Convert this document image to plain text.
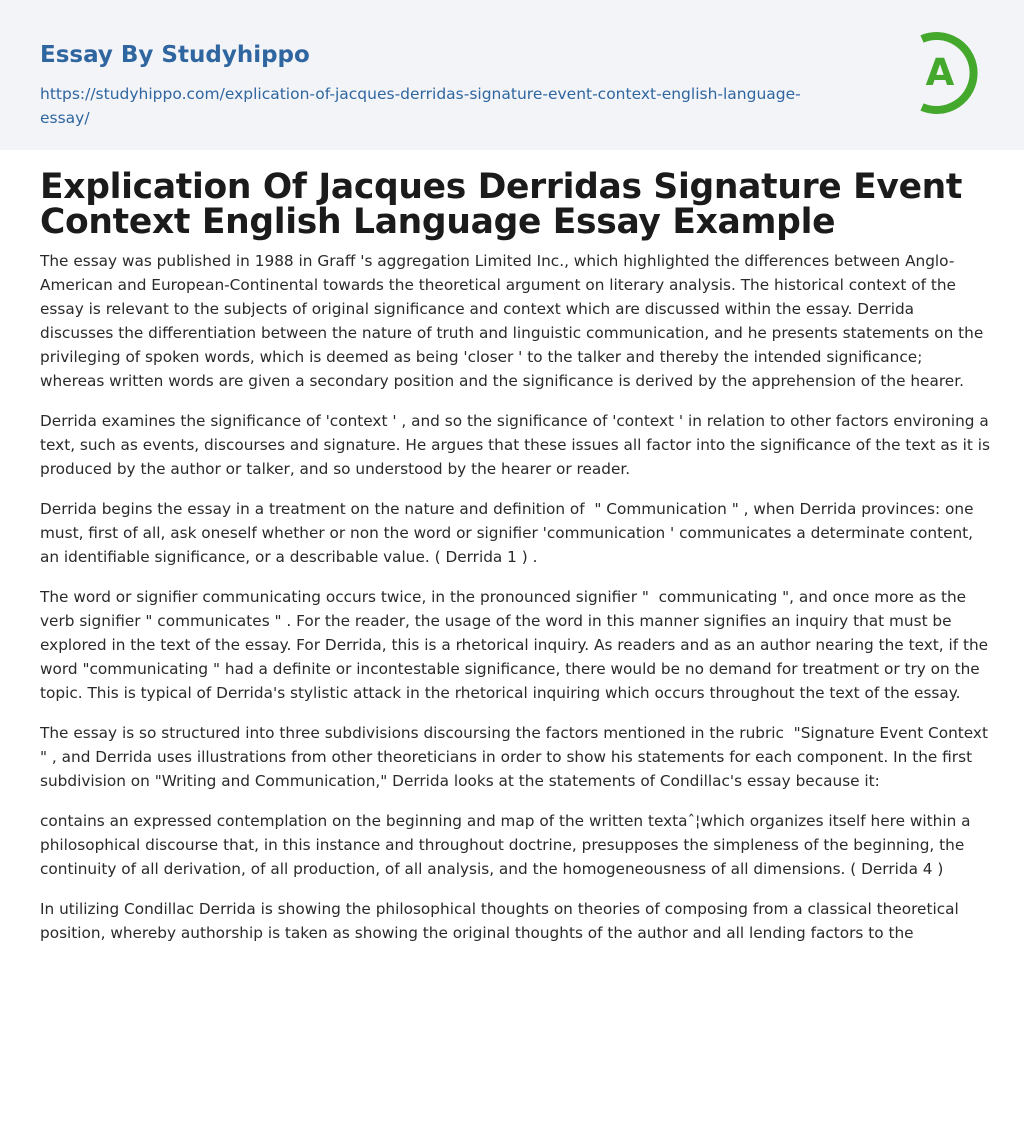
Essay By Studyhippo
https://studyhippo.com/explication-of-jacques-derridas-signature-event-context-english-language-essay/
A
Explication Of Jacques Derridas Signature Event Context English Language Essay Example

The essay was published in 1988 in Graff 's aggregation Limited Inc., which highlighted the differences between Anglo-American and European-Continental towards the theoretical argument on literary analysis. The historical context of the essay is relevant to the subjects of original significance and context which are discussed within the essay. Derrida discusses the differentiation between the nature of truth and linguistic communication, and he presents statements on the privileging of spoken words, which is deemed as being 'closer ' to the talker and thereby the intended significance; whereas written words are given a secondary position and the significance is derived by the apprehension of the hearer.

Derrida examines the significance of 'context ' , and so the significance of 'context ' in relation to other factors environing a text, such as events, discourses and signature. He argues that these issues all factor into the significance of the text as it is produced by the author or talker, and so understood by the hearer or reader.

Derrida begins the essay in a treatment on the nature and definition of  " Communication " , when Derrida provinces: one must, first of all, ask oneself whether or non the word or signifier 'communication ' communicates a determinate content, an identifiable significance, or a describable value. ( Derrida 1 ) .

The word or signifier communicating occurs twice, in the pronounced signifier "  communicating ", and once more as the verb signifier " communicates " . For the reader, the usage of the word in this manner signifies an inquiry that must be explored in the text of the essay. For Derrida, this is a rhetorical inquiry. As readers and as an author nearing the text, if the word "communicating " had a definite or incontestable significance, there would be no demand for treatment or try on the topic. This is typical of Derrida's stylistic attack in the rhetorical inquiring which occurs throughout the text of the essay.

The essay is so structured into three subdivisions discoursing the factors mentioned in the rubric  "Signature Event Context " , and Derrida uses illustrations from other theoreticians in order to show his statements for each component. In the first subdivision on "Writing and Communication," Derrida looks at the statements of Condillac's essay because it:

contains an expressed contemplation on the beginning and map of the written textaˆ¦which organizes itself here within a philosophical discourse that, in this instance and throughout doctrine, presupposes the simpleness of the beginning, the continuity of all derivation, of all production, of all analysis, and the homogeneousness of all dimensions. ( Derrida 4 )

In utilizing Condillac Derrida is showing the philosophical thoughts on theories of composing from a classical theoretical position, whereby authorship is taken as showing the original thoughts of the author and all lending factors to the
